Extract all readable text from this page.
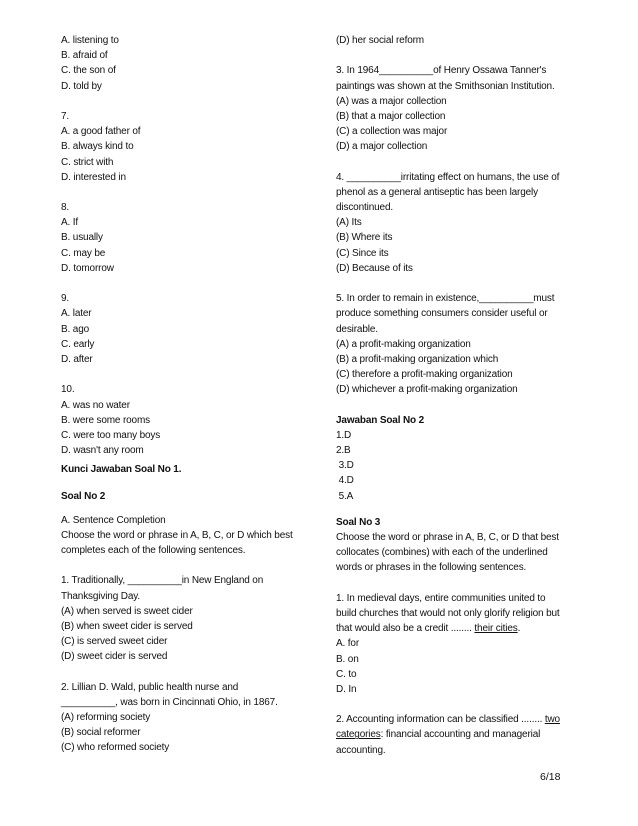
A. listening to
B. afraid of
C. the son of
D. told by
7.
A. a good father of
B. always kind to
C. strict with
D. interested in
8.
A. If
B. usually
C. may be
D. tomorrow
9.
A. later
B. ago
C. early
D. after
10.
A. was no water
B. were some rooms
C. were too many boys
D. wasn't any room
Kunci Jawaban Soal No 1.
Soal No 2
A. Sentence Completion
Choose the word or phrase in A, B, C, or D which best
completes each of the following sentences.
1. Traditionally, __________in New England on
Thanksgiving Day.
(A) when served is sweet cider
(B) when sweet cider is served
(C) is served sweet cider
(D) sweet cider is served
2. Lillian D. Wald, public health nurse and
__________, was born in Cincinnati Ohio, in 1867.
(A) reforming society
(B) social reformer
(C) who reformed society
(D) her social reform
3. In 1964__________of Henry Ossawa Tanner's
paintings was shown at the Smithsonian Institution.
(A) was a major collection
(B) that a major collection
(C) a collection was major
(D) a major collection
4. __________irritating effect on humans, the use of
phenol as a general antiseptic has been largely
discontinued.
(A) Its
(B) Where its
(C) Since its
(D) Because of its
5. In order to remain in existence,__________must
produce something consumers consider useful or
desirable.
(A) a profit-making organization
(B) a profit-making organization which
(C) therefore a profit-making organization
(D) whichever a profit-making organization
Jawaban Soal No 2
1.D
2.B
3.D
4.D
5.A
Soal No 3
Choose the word or phrase in A, B, C, or D that best
collocates (combines) with each of the underlined
words or phrases in the following sentences.
1. In medieval days, entire communities united to
build churches that would not only glorify religion but
that would also be a credit ........ their cities.
A. for
B. on
C. to
D. In
2. Accounting information can be classified ........ two
categories: financial accounting and managerial
accounting.
6/18
